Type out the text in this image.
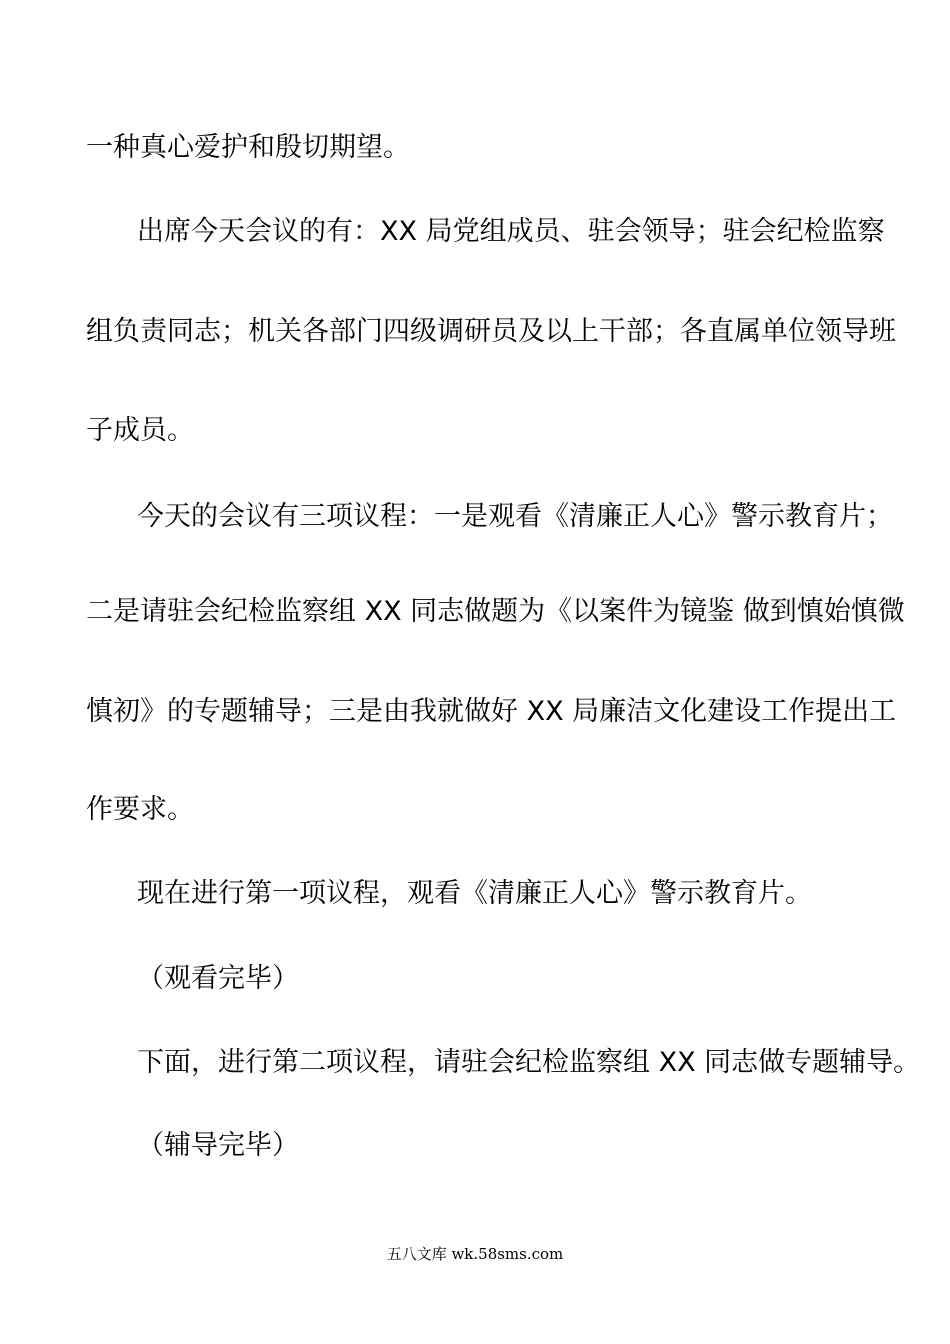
一种真心爱护和殷切期望。
出席今天会议的有：XX 局党组成员、驻会领导；驻会纪检监察
组负责同志；机关各部门四级调研员及以上干部；各直属单位领导班
子成员。
今天的会议有三项议程：一是观看《清廉正人心》警示教育片；
二是请驻会纪检监察组 XX 同志做题为《以案件为镜鉴 做到慎始慎微
慎初》的专题辅导；三是由我就做好 XX 局廉洁文化建设工作提出工
作要求。
现在进行第一项议程，观看《清廉正人心》警示教育片。
（观看完毕）
下面，进行第二项议程，请驻会纪检监察组 XX 同志做专题辅导。
（辅导完毕）
五八文库 wk.58sms.com
